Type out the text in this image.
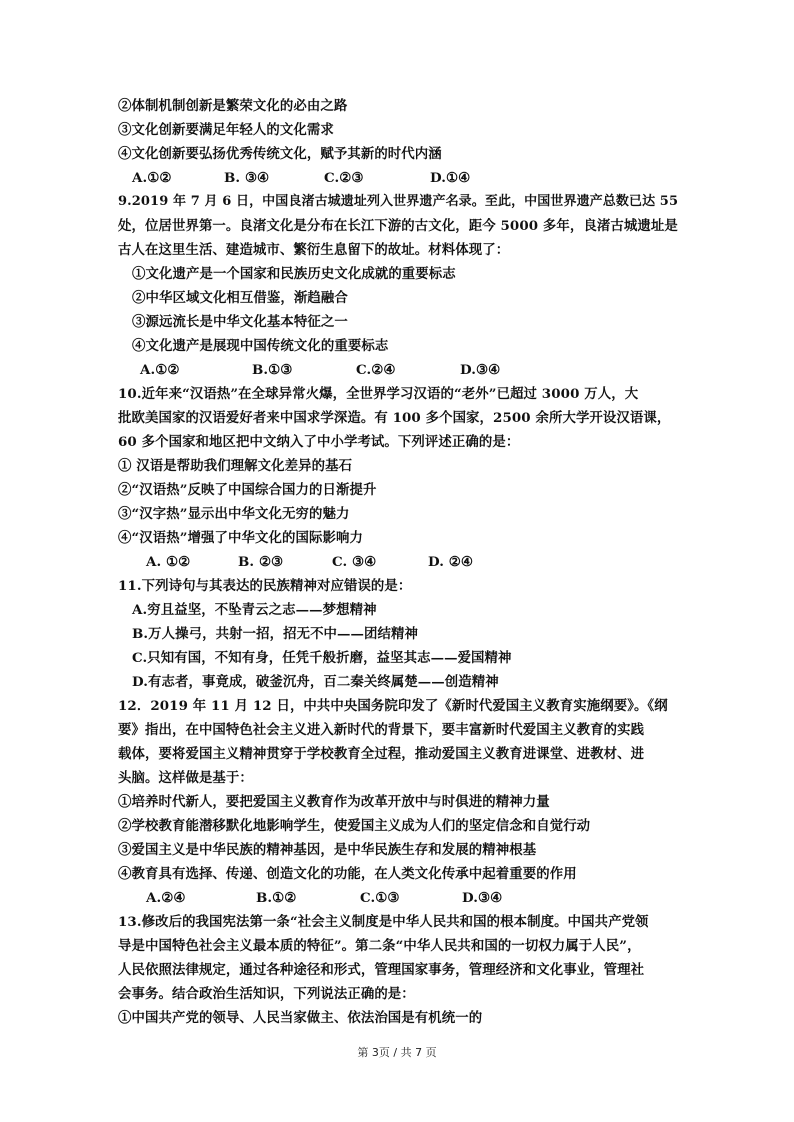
②体制机制创新是繁荣文化的必由之路
③文化创新要满足年轻人的文化需求
④文化创新要弘扬优秀传统文化，赋予其新的时代内涵
A.①②	B. ③④	C.②③	D.①④
9.2019 年 7 月 6 日，中国良渚古城遗址列入世界遗产名录。至此，中国世界遗产总数已达 55
处，位居世界第一。良渚文化是分布在长江下游的古文化，距今 5000 多年，良渚古城遗址是
古人在这里生活、建造城市、繁衍生息留下的故址。材料体现了：
①文化遗产是一个国家和民族历史文化成就的重要标志
②中华区域文化相互借鉴，渐趋融合
③源远流长是中华文化基本特征之一
④文化遗产是展现中国传统文化的重要标志
A.①②	B.①③	C.②④	D.③④
10.近年来“汉语热”在全球异常火爆，全世界学习汉语的“老外”已超过 3000 万人，大
批欧美国家的汉语爱好者来中国求学深造。有 100 多个国家，2500 余所大学开设汉语课，
60 多个国家和地区把中文纳入了中小学考试。下列评述正确的是：
① 汉语是帮助我们理解文化差异的基石
②“汉语热”反映了中国综合国力的日渐提升
③“汉字热”显示出中华文化无穷的魅力
④“汉语热”增强了中华文化的国际影响力
A. ①②	B. ②③	C. ③④	D. ②④
11.下列诗句与其表达的民族精神对应错误的是：
A.穷且益坚，不坠青云之志——梦想精神
B.万人操弓，共射一招，招无不中——团结精神
C.只知有国，不知有身，任凭千般折磨，益坚其志——爱国精神
D.有志者，事竟成，破釜沉舟，百二秦关终属楚——创造精神
12．2019 年 11 月 12 日，中共中央国务院印发了《新时代爱国主义教育实施纲要》。《纲
要》指出，在中国特色社会主义进入新时代的背景下，要丰富新时代爱国主义教育的实践
载体，要将爱国主义精神贯穿于学校教育全过程，推动爱国主义教育进课堂、进教材、进
头脑。这样做是基于：
①培养时代新人，要把爱国主义教育作为改革开放中与时俱进的精神力量
②学校教育能潜移默化地影响学生，使爱国主义成为人们的坚定信念和自觉行动
③爱国主义是中华民族的精神基因，是中华民族生存和发展的精神根基
④教育具有选择、传递、创造文化的功能，在人类文化传承中起着重要的作用
A.②④	B.①②	C.①③	D.③④
13.修改后的我国宪法第一条“社会主义制度是中华人民共和国的根本制度。中国共产党领
导是中国特色社会主义最本质的特征”。第二条“中华人民共和国的一切权力属于人民”，
人民依照法律规定，通过各种途径和形式，管理国家事务，管理经济和文化事业，管理社
会事务。结合政治生活知识，下列说法正确的是：
①中国共产党的领导、人民当家做主、依法治国是有机统一的
第 3页 / 共 7 页
